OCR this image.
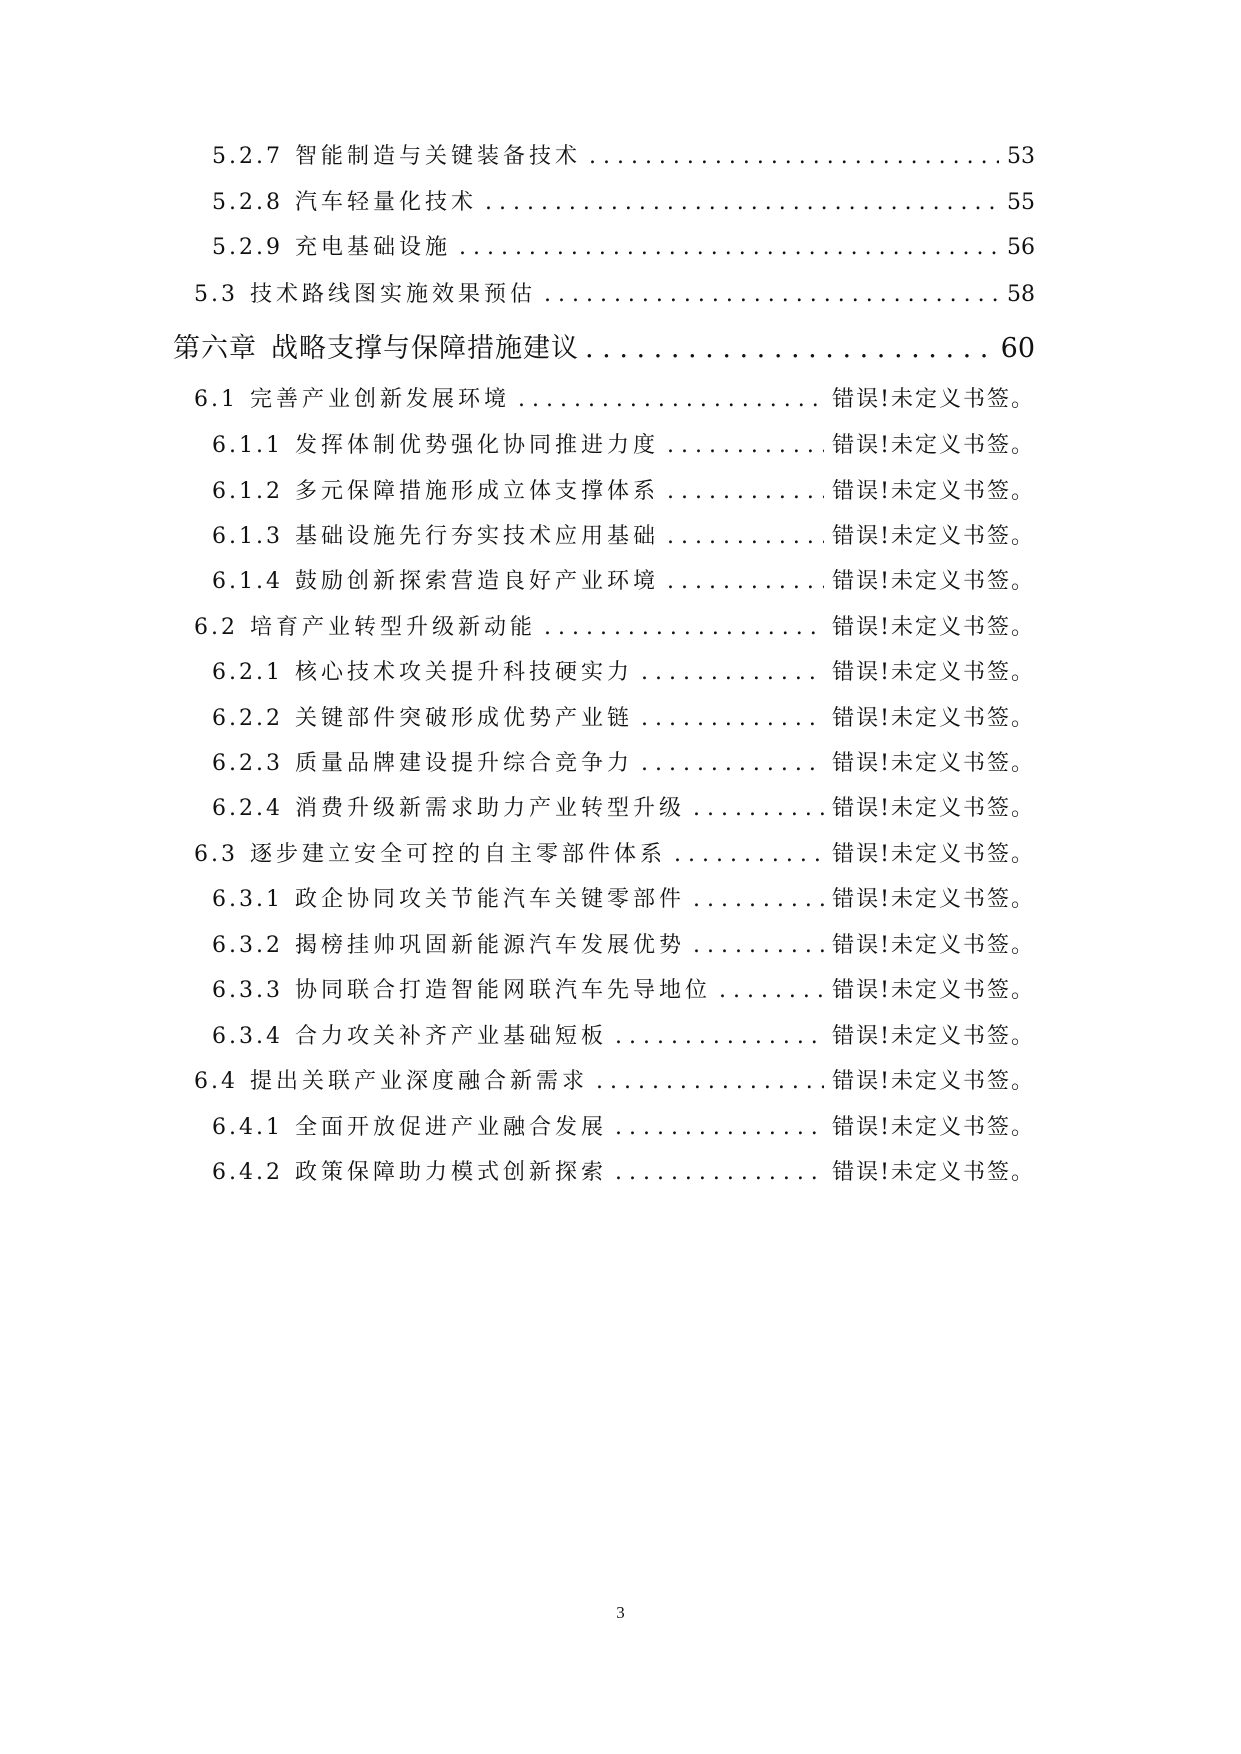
5.2.7 智能制造与关键装备技术 . . .	53
5.2.8 汽车轻量化技术 . . .	55
5.2.9 充电基础设施 . . .	56
5.3 技术路线图实施效果预估 . . .	58
第六章 战略支撑与保障措施建议 . . .	60
6.1 完善产业创新发展环境 . . .	错误!未定义书签。
6.1.1 发挥体制优势强化协同推进力度 . . .	错误!未定义书签。
6.1.2 多元保障措施形成立体支撑体系 . . .	错误!未定义书签。
6.1.3 基础设施先行夯实技术应用基础 . . .	错误!未定义书签。
6.1.4 鼓励创新探索营造良好产业环境 . . .	错误!未定义书签。
6.2 培育产业转型升级新动能 . . .	错误!未定义书签。
6.2.1 核心技术攻关提升科技硬实力 . . .	错误!未定义书签。
6.2.2 关键部件突破形成优势产业链 . . .	错误!未定义书签。
6.2.3 质量品牌建设提升综合竞争力 . . .	错误!未定义书签。
6.2.4 消费升级新需求助力产业转型升级 . . .	错误!未定义书签。
6.3 逐步建立安全可控的自主零部件体系 . . .	错误!未定义书签。
6.3.1 政企协同攻关节能汽车关键零部件 . . .	错误!未定义书签。
6.3.2 揭榜挂帅巩固新能源汽车发展优势 . . .	错误!未定义书签。
6.3.3 协同联合打造智能网联汽车先导地位 . . .	错误!未定义书签。
6.3.4 合力攻关补齐产业基础短板 . . .	错误!未定义书签。
6.4 提出关联产业深度融合新需求 . . .	错误!未定义书签。
6.4.1 全面开放促进产业融合发展 . . .	错误!未定义书签。
6.4.2 政策保障助力模式创新探索 . . .	错误!未定义书签。
3
